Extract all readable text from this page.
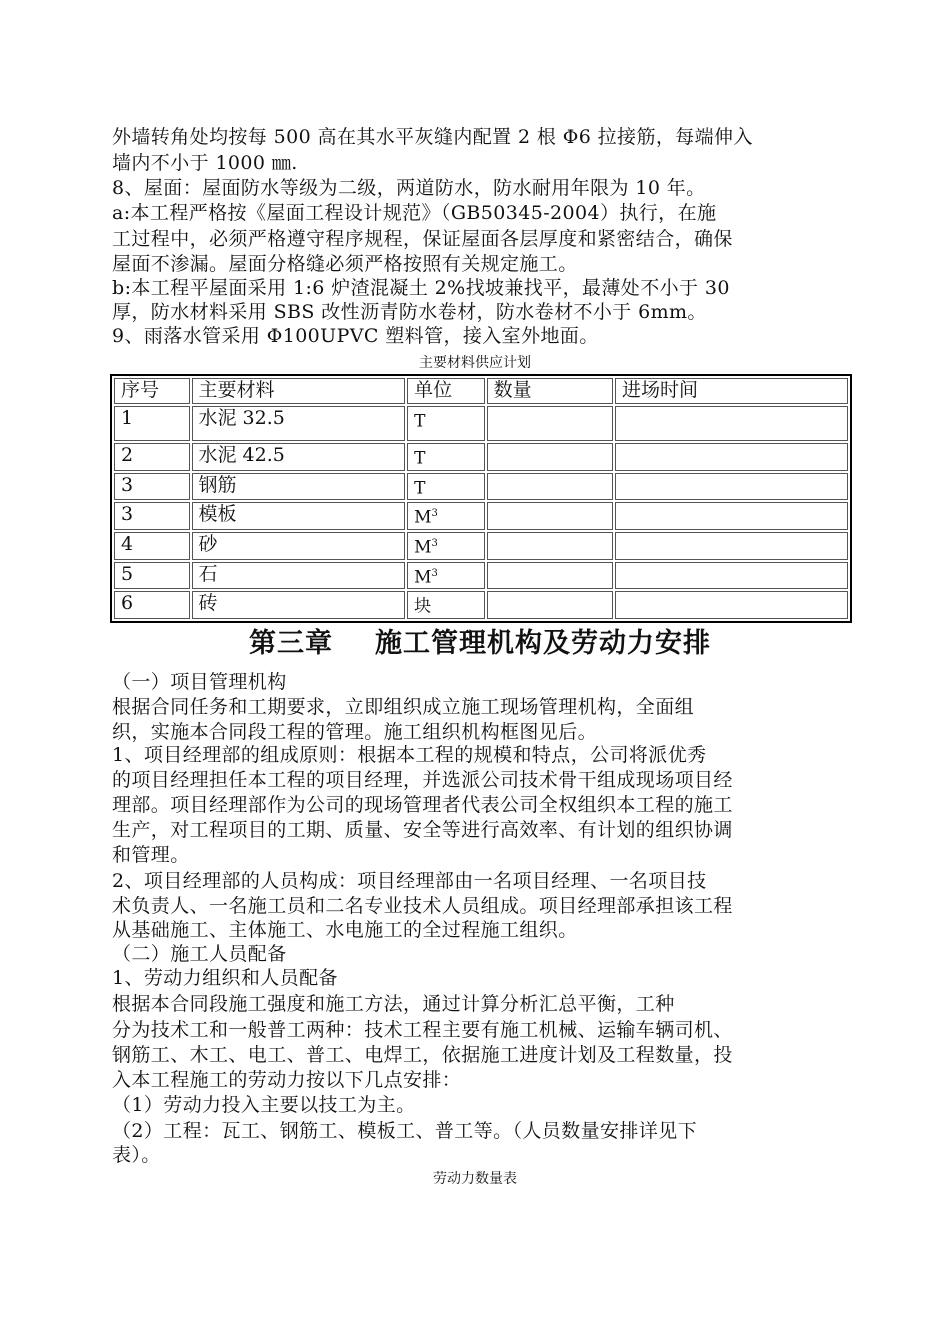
外墙转角处均按每 500 高在其水平灰缝内配置 2 根 Φ6 拉接筋，每端伸入
墙内不小于 1000 ㎜.
8、屋面：屋面防水等级为二级，两道防水，防水耐用年限为 10 年。
a:本工程严格按《屋面工程设计规范》（GB50345-2004）执行，在施
工过程中，必须严格遵守程序规程，保证屋面各层厚度和紧密结合，确保
屋面不渗漏。屋面分格缝必须严格按照有关规定施工。
b:本工程平屋面采用 1:6 炉渣混凝土 2%找坡兼找平，最薄处不小于 30
厚，防水材料采用 SBS 改性沥青防水卷材，防水卷材不小于 6mm。
9、雨落水管采用 Φ100UPVC 塑料管，接入室外地面。
主要材料供应计划
序号	主要材料	单位	数量	进场时间
1	水泥 32.5	T		
2	水泥 42.5	T		
3	钢筋	T		
3	模板	$M^3$		
4	砂	$M^3$		
5	石	$M^3$		
6	砖	块		
第三章 施工管理机构及劳动力安排
（一）项目管理机构
根据合同任务和工期要求，立即组织成立施工现场管理机构，全面组
织，实施本合同段工程的管理。施工组织机构框图见后。
1、项目经理部的组成原则：根据本工程的规模和特点，公司将派优秀
的项目经理担任本工程的项目经理，并选派公司技术骨干组成现场项目经
理部。项目经理部作为公司的现场管理者代表公司全权组织本工程的施工
生产，对工程项目的工期、质量、安全等进行高效率、有计划的组织协调
和管理。
2、项目经理部的人员构成：项目经理部由一名项目经理、一名项目技
术负责人、一名施工员和二名专业技术人员组成。项目经理部承担该工程
从基础施工、主体施工、水电施工的全过程施工组织。
（二）施工人员配备
1、劳动力组织和人员配备
根据本合同段施工强度和施工方法，通过计算分析汇总平衡，工种
分为技术工和一般普工两种：技术工程主要有施工机械、运输车辆司机、
钢筋工、木工、电工、普工、电焊工，依据施工进度计划及工程数量，投
入本工程施工的劳动力按以下几点安排：
（1）劳动力投入主要以技工为主。
（2）工程：瓦工、钢筋工、模板工、普工等。（人员数量安排详见下
表）。
劳动力数量表
